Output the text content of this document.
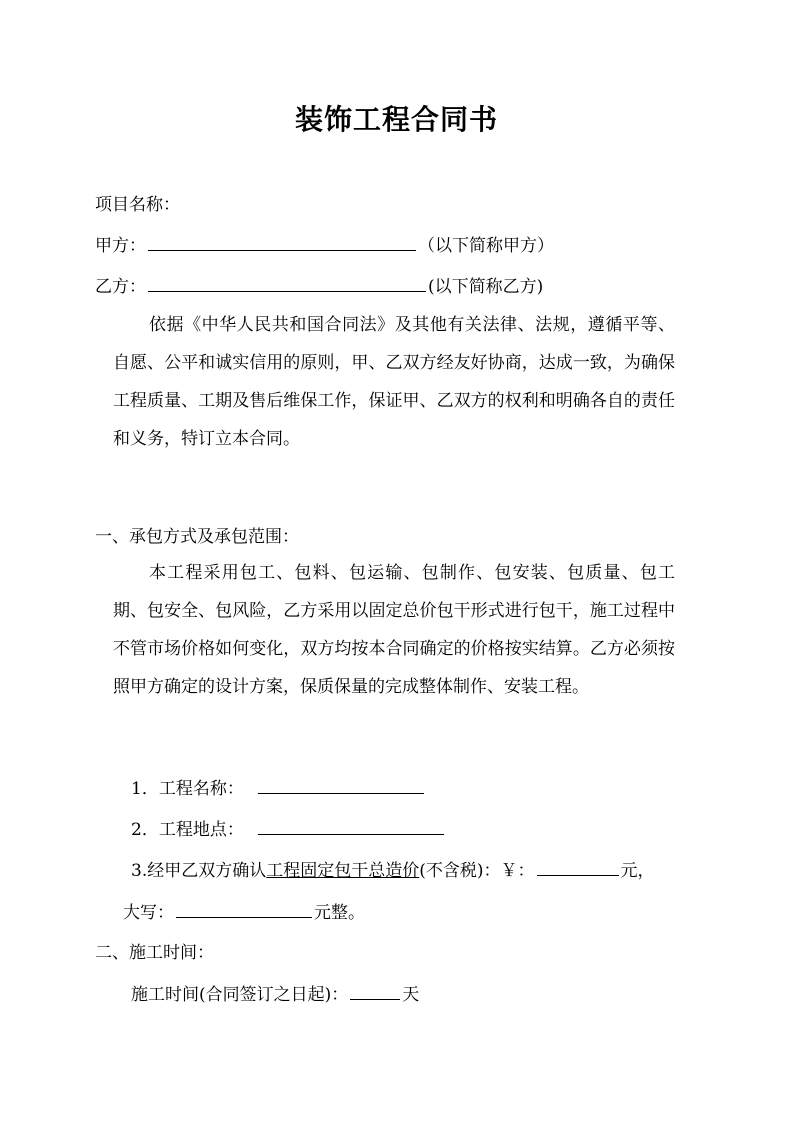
装饰工程合同书
项目名称：
甲方：	（以下简称甲方）
乙方：	(以下简称乙方)
依据《中华人民共和国合同法》及其他有关法律、法规，遵循平等、自愿、公平和诚实信用的原则，甲、乙双方经友好协商，达成一致，为确保工程质量、工期及售后维保工作，保证甲、乙双方的权利和明确各自的责任和义务，特订立本合同。
一、承包方式及承包范围：
本工程采用包工、包料、包运输、包制作、包安装、包质量、包工期、包安全、包风险，乙方采用以固定总价包干形式进行包干，施工过程中不管市场价格如何变化，双方均按本合同确定的价格按实结算。乙方必须按照甲方确定的设计方案，保质保量的完成整体制作、安装工程。
1．工程名称：
2．工程地点：
3.经甲乙双方确认工程固定包干总造价(不含税)：￥：	元，
大写：	元整。
二、施工时间：
施工时间(合同签订之日起)：	天
